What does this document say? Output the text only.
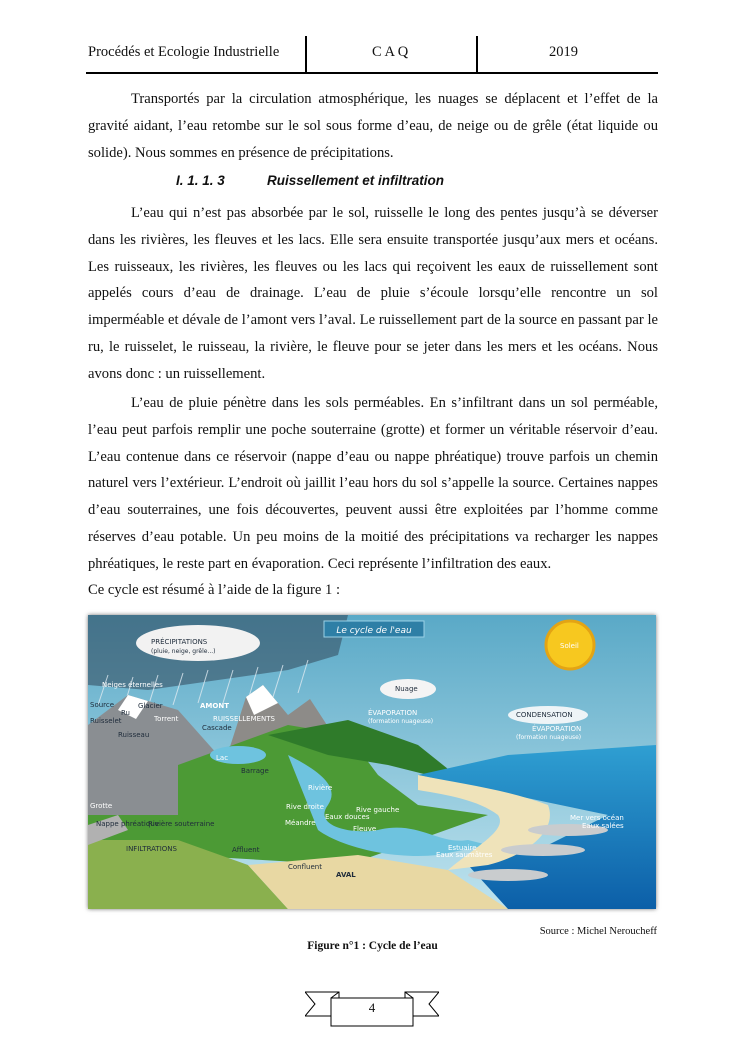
Procédés et Ecologie Industrielle	C A Q	2019

Transportés par la circulation atmosphérique, les nuages se déplacent et l’effet de la gravité aidant, l’eau retombe sur le sol sous forme d’eau, de neige ou de grêle (état liquide ou solide). Nous sommes en présence de précipitations.

I. 1. 1. 3	Ruissellement et infiltration

L’eau qui n’est pas absorbée par le sol, ruisselle le long des pentes jusqu’à se déverser dans les rivières, les fleuves et les lacs. Elle sera ensuite transportée jusqu’aux mers et océans. Les ruisseaux, les rivières, les fleuves ou les lacs qui reçoivent les eaux de ruissellement sont appelés cours d’eau de drainage. L’eau de pluie s’écoule lorsqu’elle rencontre un sol imperméable et dévale de l’amont vers l’aval. Le ruissellement part de la source en passant par le ru, le ruisselet, le ruisseau, la rivière, le fleuve pour se jeter dans les mers et les océans. Nous avons donc : un ruissellement.

L’eau de pluie pénètre dans les sols perméables. En s’infiltrant dans un sol perméable, l’eau peut parfois remplir une poche souterraine (grotte) et former un véritable réservoir d’eau. L’eau contenue dans ce réservoir (nappe d’eau ou nappe phréatique) trouve parfois un chemin naturel vers l’extérieur. L’endroit où jaillit l’eau hors du sol s’appelle la source. Certaines nappes d’eau souterraines, une fois découvertes, peuvent aussi être exploitées par l’homme comme réserves d’eau potable. Un peu moins de la moitié des précipitations va recharger les nappes phréatiques, le reste part en évaporation. Ceci représente l’infiltration des eaux.

Ce cycle est résumé à l’aide de la figure 1 :

Le cycle de l'eau
PRÉCIPITATIONS
(pluie, neige, grêle...)
Neiges éternelles
Source
Ru
Glacier
Ruisselet	Torrent
AMONT
RUISSELLEMENTS
Cascade
Ruisseau
Lac
Barrage
Grotte
Rivière
Rive droite	Rive gauche
Méandre
Eaux douces
Fleuve
Nappe phréatique
Rivière souterraine
INFILTRATIONS	Affluent
Confluent
Estuaire
Eaux saumâtres
AVAL
Nuage
ÉVAPORATION
(formation nuageuse)
CONDENSATION
ÉVAPORATION
(formation nuageuse)
Soleil
Mer vers océan
Eaux salées
Source : Michel Neroucheff
Figure n°1 : Cycle de l’eau
4
